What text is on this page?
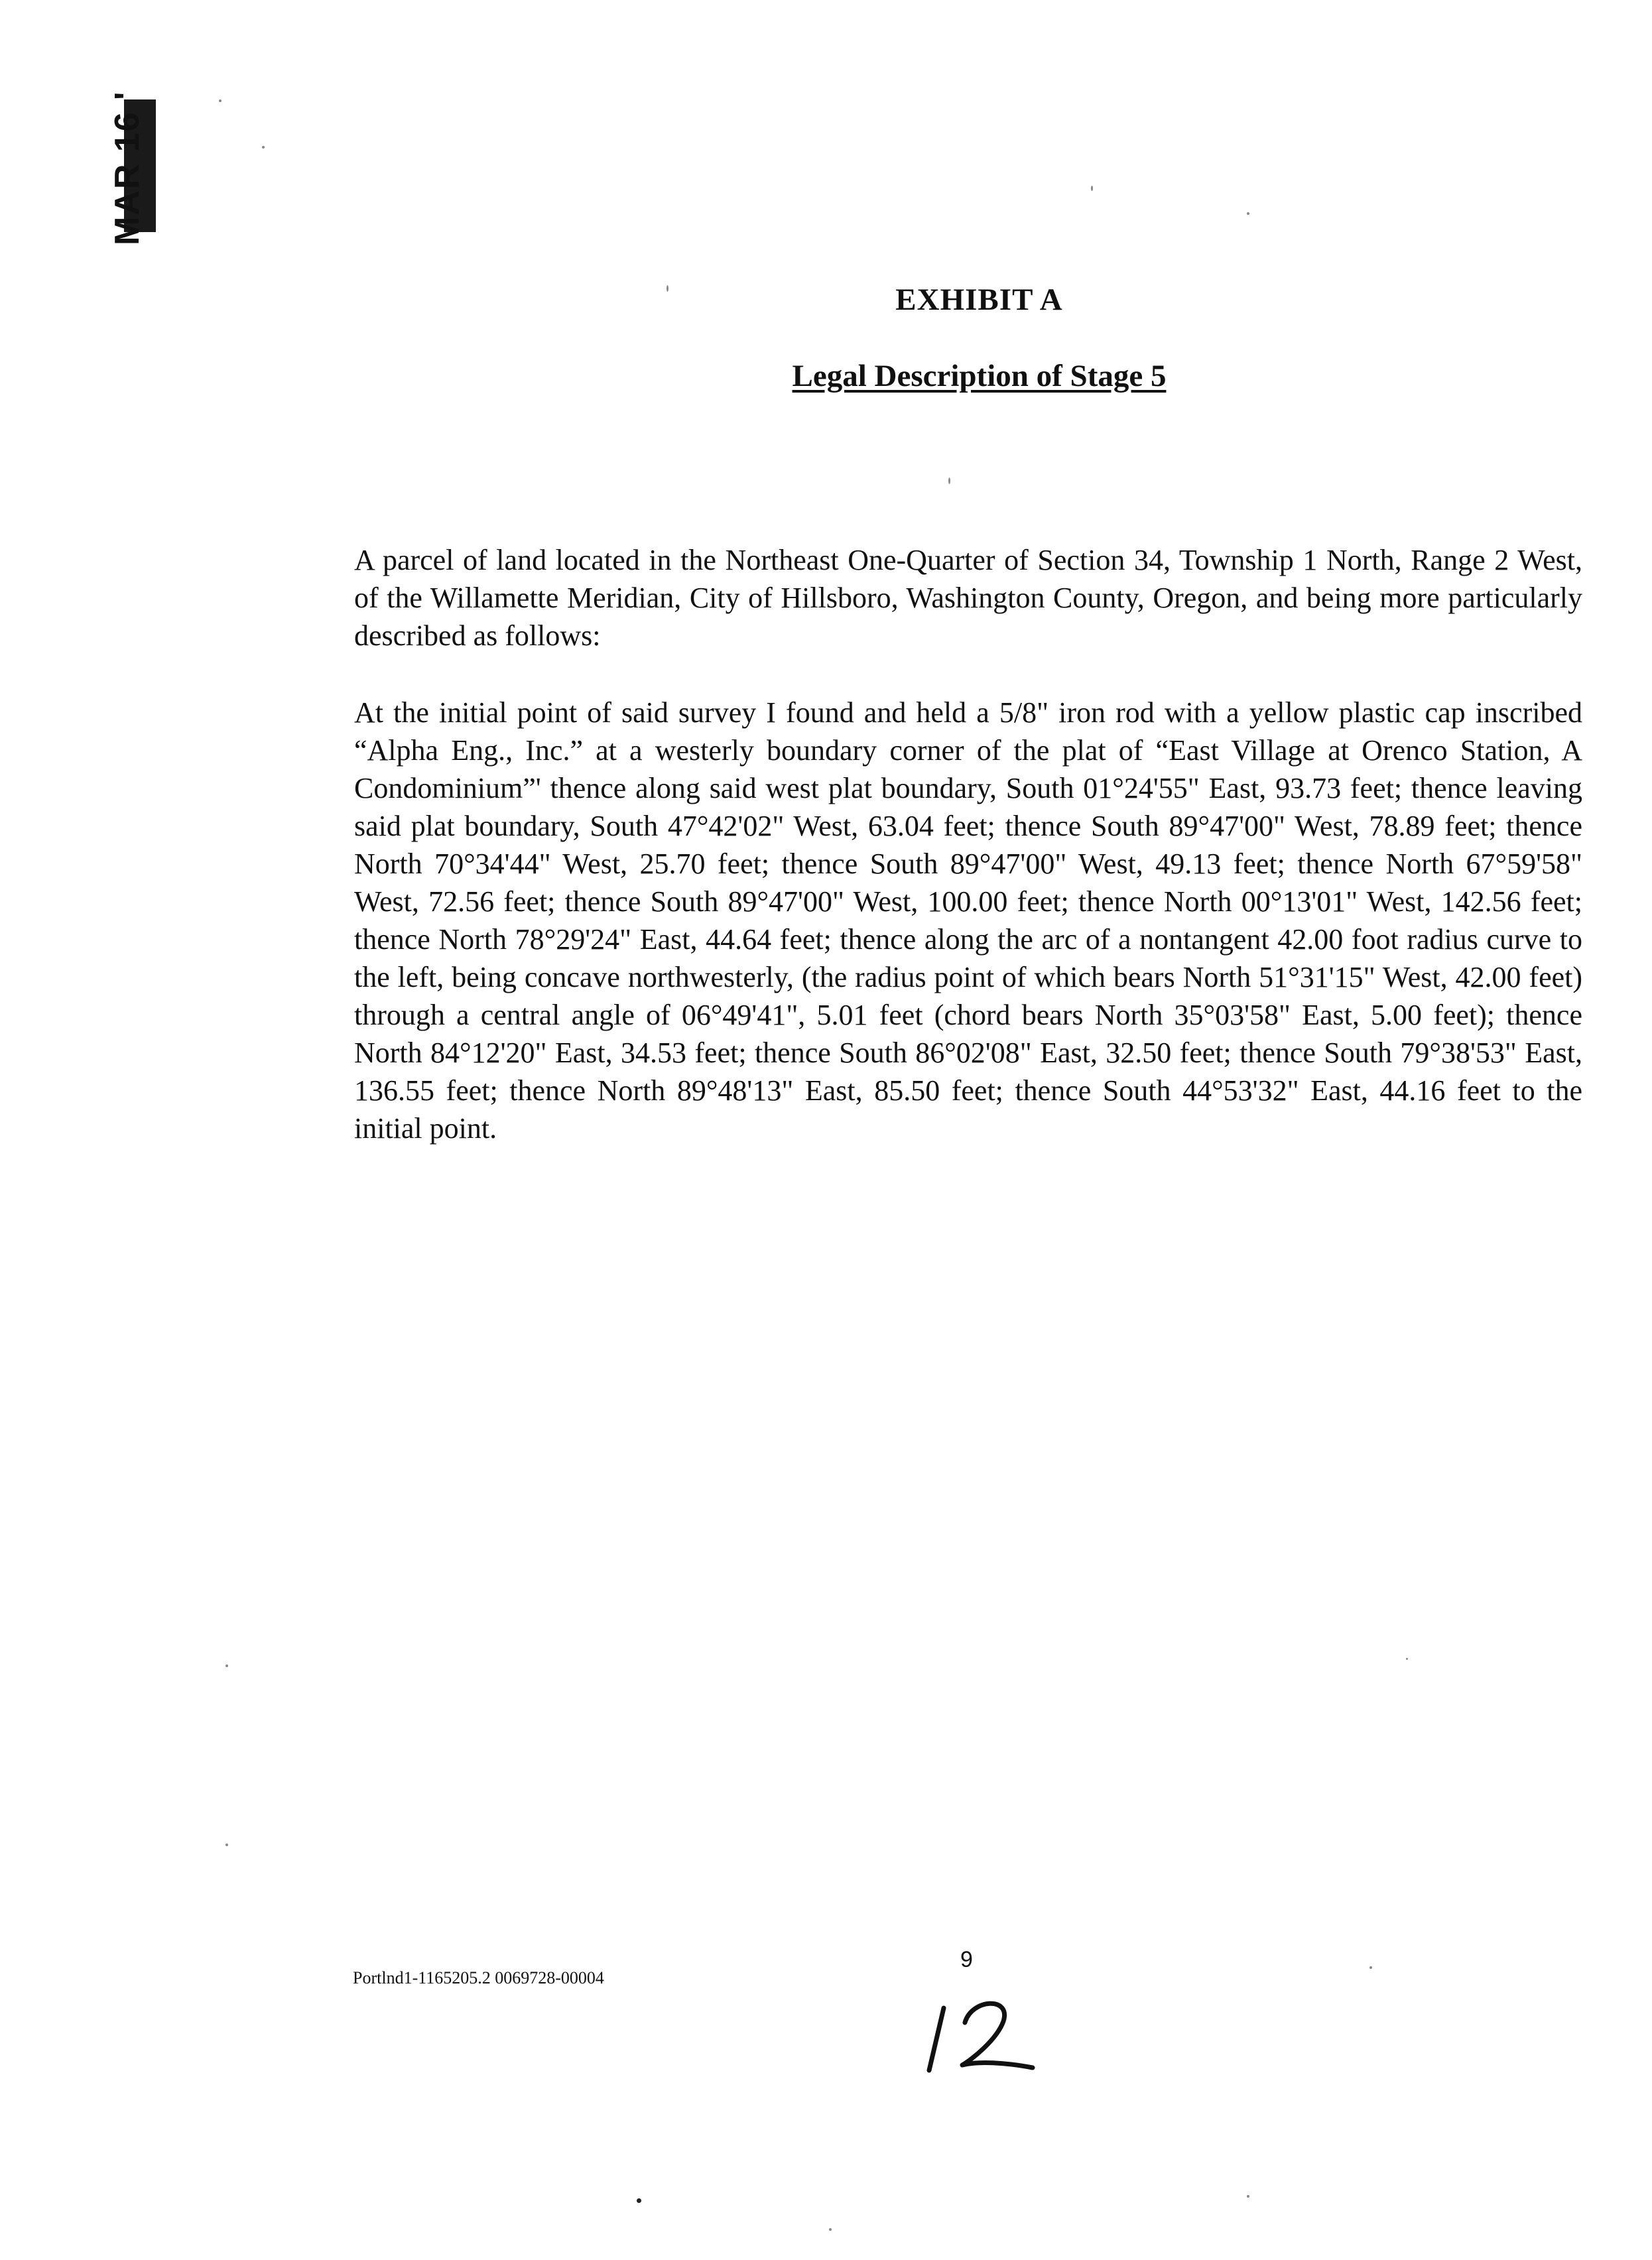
MAR 16 '
EXHIBIT A
Legal Description of Stage 5

A parcel of land located in the Northeast One-Quarter of Section 34, Township 1 North, Range 2 West, of the Willamette Meridian, City of Hillsboro, Washington County, Oregon, and being more particularly described as follows:

At the initial point of said survey I found and held a 5/8" iron rod with a yellow plastic cap inscribed “Alpha Eng., Inc.” at a westerly boundary corner of the plat of “East Village at Orenco Station, A Condominium”' thence along said west plat boundary, South 01°24'55" East, 93.73 feet; thence leaving said plat boundary, South 47°42'02" West, 63.04 feet; thence South 89°47'00" West, 78.89 feet; thence North 70°34'44" West, 25.70 feet; thence South 89°47'00" West, 49.13 feet; thence North 67°59'58" West, 72.56 feet; thence South 89°47'00" West, 100.00 feet; thence North 00°13'01" West, 142.56 feet; thence North 78°29'24" East, 44.64 feet; thence along the arc of a nontangent 42.00 foot radius curve to the left, being concave northwesterly, (the radius point of which bears North 51°31'15" West, 42.00 feet) through a central angle of 06°49'41", 5.01 feet (chord bears North 35°03'58" East, 5.00 feet); thence North 84°12'20" East, 34.53 feet; thence South 86°02'08" East, 32.50 feet; thence South 79°38'53" East, 136.55 feet; thence North 89°48'13" East, 85.50 feet; thence South 44°53'32" East, 44.16 feet to the initial point.

Portlnd1-1165205.2 0069728-00004
9
